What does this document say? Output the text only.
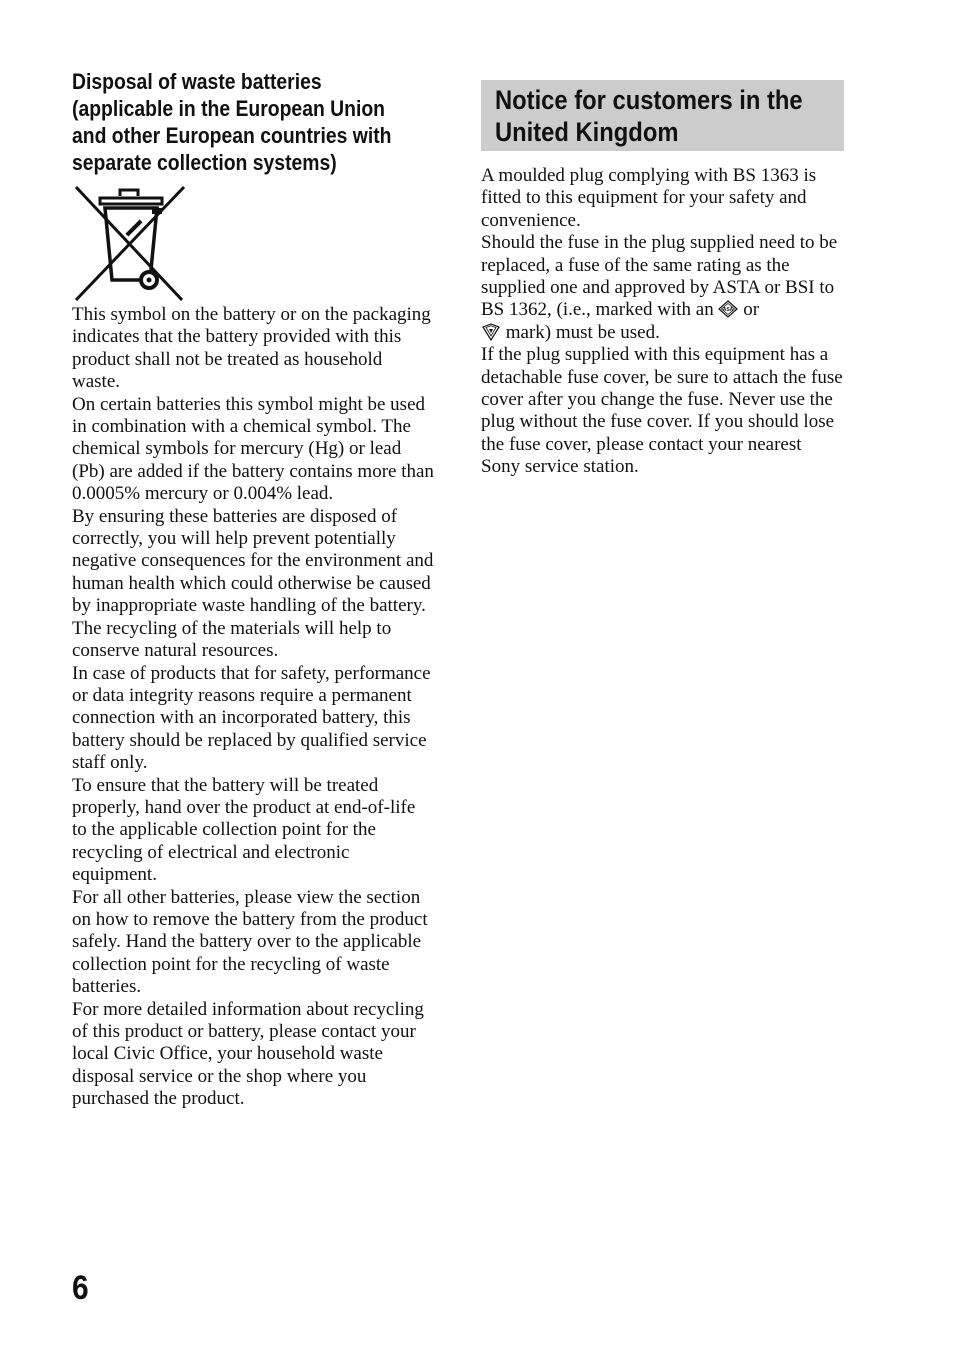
Disposal of waste batteries
(applicable in the European Union
and other European countries with
separate collection systems)

This symbol on the battery or on the packaging indicates that the battery provided with this product shall not be treated as household waste.

On certain batteries this symbol might be used in combination with a chemical symbol. The chemical symbols for mercury (Hg) or lead (Pb) are added if the battery contains more than 0.0005% mercury or 0.004% lead.

By ensuring these batteries are disposed of correctly, you will help prevent potentially negative consequences for the environment and human health which could otherwise be caused by inappropriate waste handling of the battery. The recycling of the materials will help to conserve natural resources.

In case of products that for safety, performance or data integrity reasons require a permanent connection with an incorporated battery, this battery should be replaced by qualified service staff only.

To ensure that the battery will be treated properly, hand over the product at end-of-life to the applicable collection point for the recycling of electrical and electronic equipment.

For all other batteries, please view the section on how to remove the battery from the product safely. Hand the battery over to the applicable collection point for the recycling of waste batteries.

For more detailed information about recycling of this product or battery, please contact your local Civic Office, your household waste disposal service or the shop where you purchased the product.

Notice for customers in the
United Kingdom

A moulded plug complying with BS 1363 is fitted to this equipment for your safety and convenience.

Should the fuse in the plug supplied need to be replaced, a fuse of the same rating as the supplied one and approved by ASTA or BSI to BS 1362, (i.e., marked with an ASA or
mark) must be used.

If the plug supplied with this equipment has a detachable fuse cover, be sure to attach the fuse cover after you change the fuse. Never use the plug without the fuse cover. If you should lose the fuse cover, please contact your nearest Sony service station.

6
